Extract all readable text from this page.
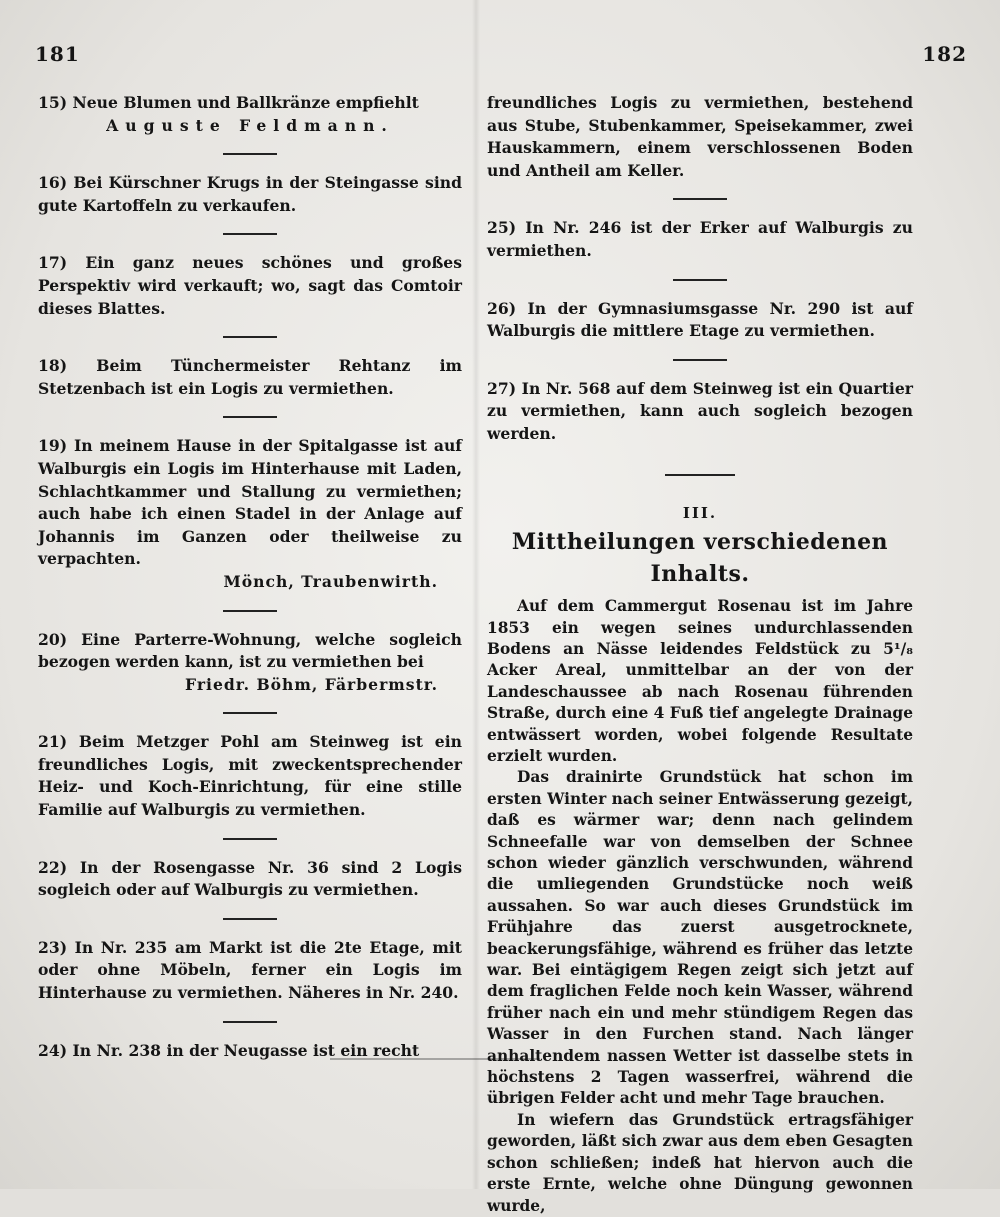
181	182

15) Neue Blumen und Ballkränze empfiehlt
Auguste Feldmann.

16) Bei Kürschner Krugs in der Steingasse sind gute Kartoffeln zu verkaufen.

17) Ein ganz neues schönes und großes Perspektiv wird verkauft; wo, sagt das Comtoir dieses Blattes.

18) Beim Tünchermeister Rehtanz im Stetzenbach ist ein Logis zu vermiethen.

19) In meinem Hause in der Spitalgasse ist auf Walburgis ein Logis im Hinterhause mit Laden, Schlachtkammer und Stallung zu vermiethen; auch habe ich einen Stadel in der Anlage auf Johannis im Ganzen oder theilweise zu verpachten.
Mönch, Traubenwirth.

20) Eine Parterre-Wohnung, welche sogleich bezogen werden kann, ist zu vermiethen bei
Friedr. Böhm, Färbermstr.

21) Beim Metzger Pohl am Steinweg ist ein freundliches Logis, mit zweckentsprechender Heiz- und Koch-Einrichtung, für eine stille Familie auf Walburgis zu vermiethen.

22) In der Rosengasse Nr. 36 sind 2 Logis sogleich oder auf Walburgis zu vermiethen.

23) In Nr. 235 am Markt ist die 2te Etage, mit oder ohne Möbeln, ferner ein Logis im Hinterhause zu vermiethen. Näheres in Nr. 240.

24) In Nr. 238 in der Neugasse ist ein recht

freundliches Logis zu vermiethen, bestehend aus Stube, Stubenkammer, Speisekammer, zwei Hauskammern, einem verschlossenen Boden und Antheil am Keller.

25) In Nr. 246 ist der Erker auf Walburgis zu vermiethen.

26) In der Gymnasiumsgasse Nr. 290 ist auf Walburgis die mittlere Etage zu vermiethen.

27) In Nr. 568 auf dem Steinweg ist ein Quartier zu vermiethen, kann auch sogleich bezogen werden.

III.
Mittheilungen verschiedenen Inhalts.

Auf dem Cammergut Rosenau ist im Jahre 1853 ein wegen seines undurchlassenden Bodens an Nässe leidendes Feldstück zu 5¹/₈ Acker Areal, unmittelbar an der von der Landeschaussee ab nach Rosenau führenden Straße, durch eine 4 Fuß tief angelegte Drainage entwässert worden, wobei folgende Resultate erzielt wurden.

Das drainirte Grundstück hat schon im ersten Winter nach seiner Entwässerung gezeigt, daß es wärmer war; denn nach gelindem Schneefalle war von demselben der Schnee schon wieder gänzlich verschwunden, während die umliegenden Grundstücke noch weiß aussahen. So war auch dieses Grundstück im Frühjahre das zuerst ausgetrocknete, beackerungsfähige, während es früher das letzte war. Bei eintägigem Regen zeigt sich jetzt auf dem fraglichen Felde noch kein Wasser, während früher nach ein und mehr stündigem Regen das Wasser in den Furchen stand. Nach länger anhaltendem nassen Wetter ist dasselbe stets in höchstens 2 Tagen wasserfrei, während die übrigen Felder acht und mehr Tage brauchen.

In wiefern das Grundstück ertragsfähiger geworden, läßt sich zwar aus dem eben Gesagten schon schließen; indeß hat hiervon auch die erste Ernte, welche ohne Düngung gewonnen wurde,
